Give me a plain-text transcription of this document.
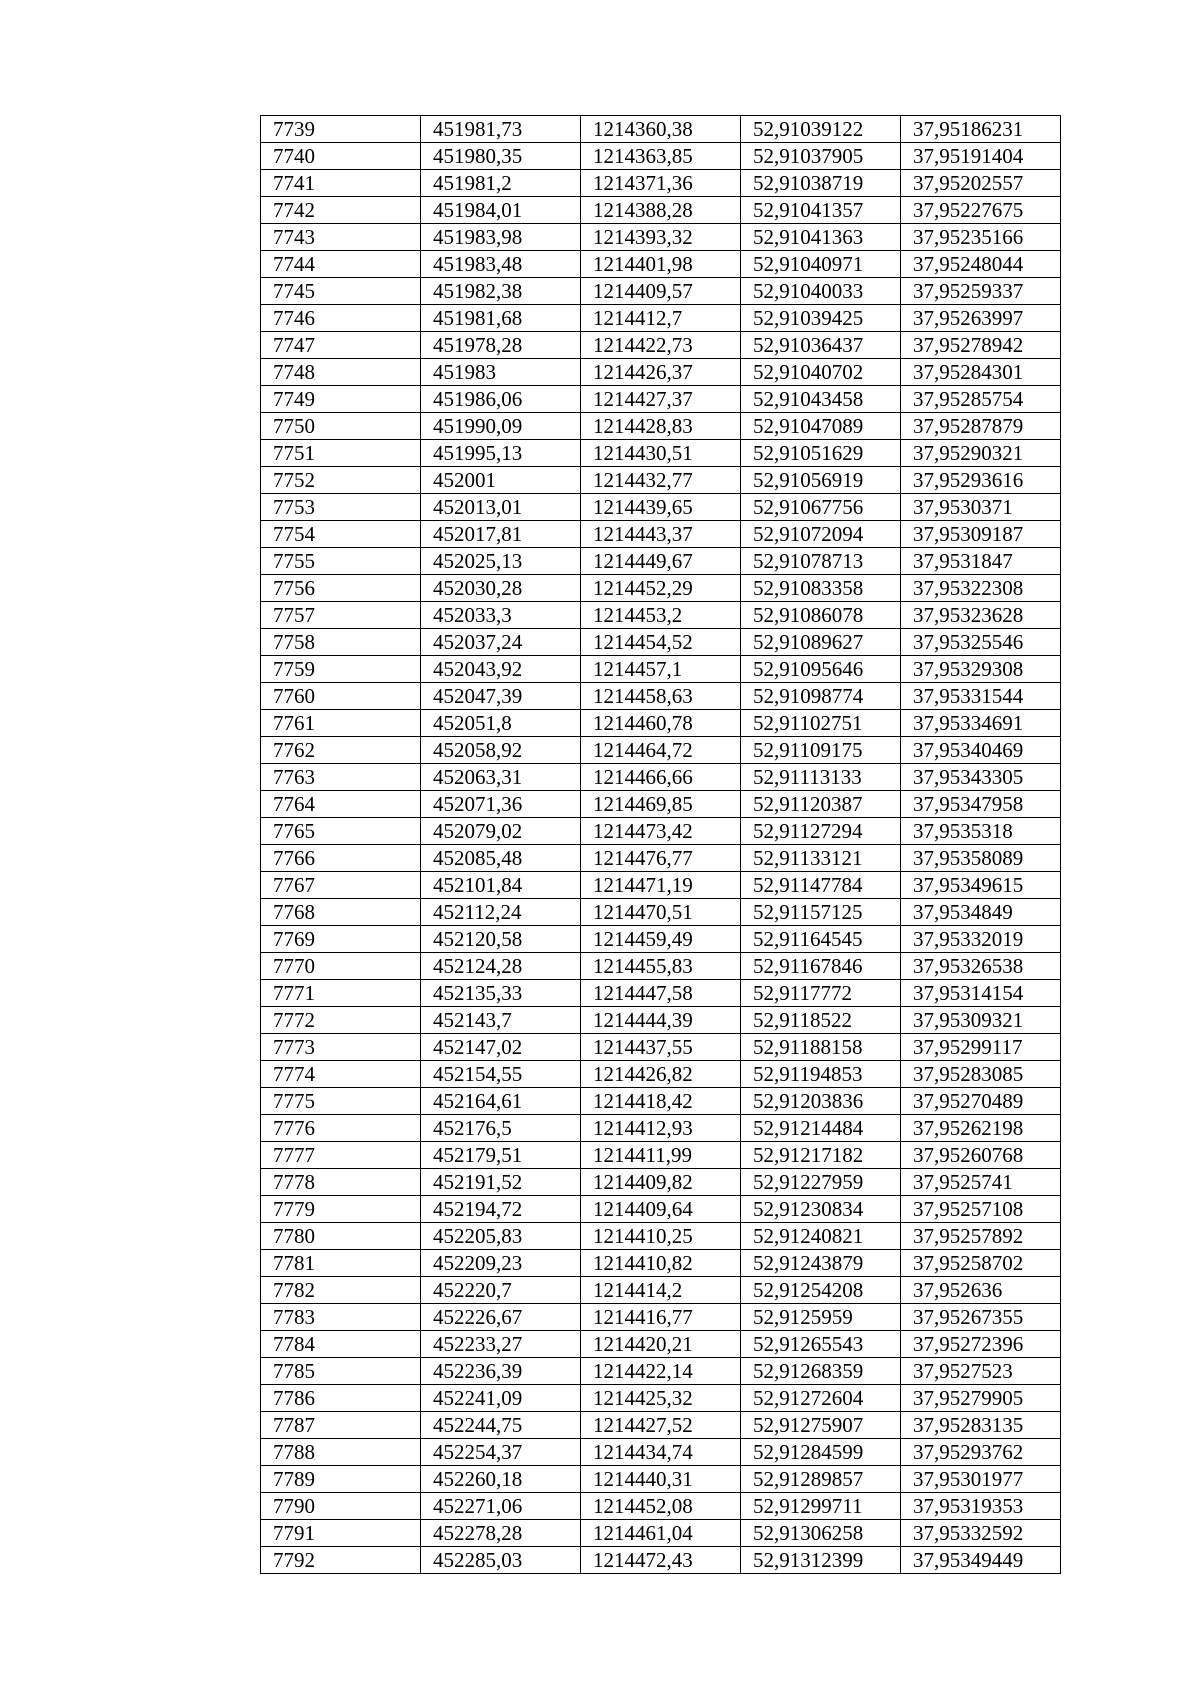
7739	451981,73	1214360,38	52,91039122	37,95186231
7740	451980,35	1214363,85	52,91037905	37,95191404
7741	451981,2	1214371,36	52,91038719	37,95202557
7742	451984,01	1214388,28	52,91041357	37,95227675
7743	451983,98	1214393,32	52,91041363	37,95235166
7744	451983,48	1214401,98	52,91040971	37,95248044
7745	451982,38	1214409,57	52,91040033	37,95259337
7746	451981,68	1214412,7	52,91039425	37,95263997
7747	451978,28	1214422,73	52,91036437	37,95278942
7748	451983	1214426,37	52,91040702	37,95284301
7749	451986,06	1214427,37	52,91043458	37,95285754
7750	451990,09	1214428,83	52,91047089	37,95287879
7751	451995,13	1214430,51	52,91051629	37,95290321
7752	452001	1214432,77	52,91056919	37,95293616
7753	452013,01	1214439,65	52,91067756	37,9530371
7754	452017,81	1214443,37	52,91072094	37,95309187
7755	452025,13	1214449,67	52,91078713	37,9531847
7756	452030,28	1214452,29	52,91083358	37,95322308
7757	452033,3	1214453,2	52,91086078	37,95323628
7758	452037,24	1214454,52	52,91089627	37,95325546
7759	452043,92	1214457,1	52,91095646	37,95329308
7760	452047,39	1214458,63	52,91098774	37,95331544
7761	452051,8	1214460,78	52,91102751	37,95334691
7762	452058,92	1214464,72	52,91109175	37,95340469
7763	452063,31	1214466,66	52,91113133	37,95343305
7764	452071,36	1214469,85	52,91120387	37,95347958
7765	452079,02	1214473,42	52,91127294	37,9535318
7766	452085,48	1214476,77	52,91133121	37,95358089
7767	452101,84	1214471,19	52,91147784	37,95349615
7768	452112,24	1214470,51	52,91157125	37,9534849
7769	452120,58	1214459,49	52,91164545	37,95332019
7770	452124,28	1214455,83	52,91167846	37,95326538
7771	452135,33	1214447,58	52,9117772	37,95314154
7772	452143,7	1214444,39	52,9118522	37,95309321
7773	452147,02	1214437,55	52,91188158	37,95299117
7774	452154,55	1214426,82	52,91194853	37,95283085
7775	452164,61	1214418,42	52,91203836	37,95270489
7776	452176,5	1214412,93	52,91214484	37,95262198
7777	452179,51	1214411,99	52,91217182	37,95260768
7778	452191,52	1214409,82	52,91227959	37,9525741
7779	452194,72	1214409,64	52,91230834	37,95257108
7780	452205,83	1214410,25	52,91240821	37,95257892
7781	452209,23	1214410,82	52,91243879	37,95258702
7782	452220,7	1214414,2	52,91254208	37,952636
7783	452226,67	1214416,77	52,9125959	37,95267355
7784	452233,27	1214420,21	52,91265543	37,95272396
7785	452236,39	1214422,14	52,91268359	37,9527523
7786	452241,09	1214425,32	52,91272604	37,95279905
7787	452244,75	1214427,52	52,91275907	37,95283135
7788	452254,37	1214434,74	52,91284599	37,95293762
7789	452260,18	1214440,31	52,91289857	37,95301977
7790	452271,06	1214452,08	52,91299711	37,95319353
7791	452278,28	1214461,04	52,91306258	37,95332592
7792	452285,03	1214472,43	52,91312399	37,95349449
